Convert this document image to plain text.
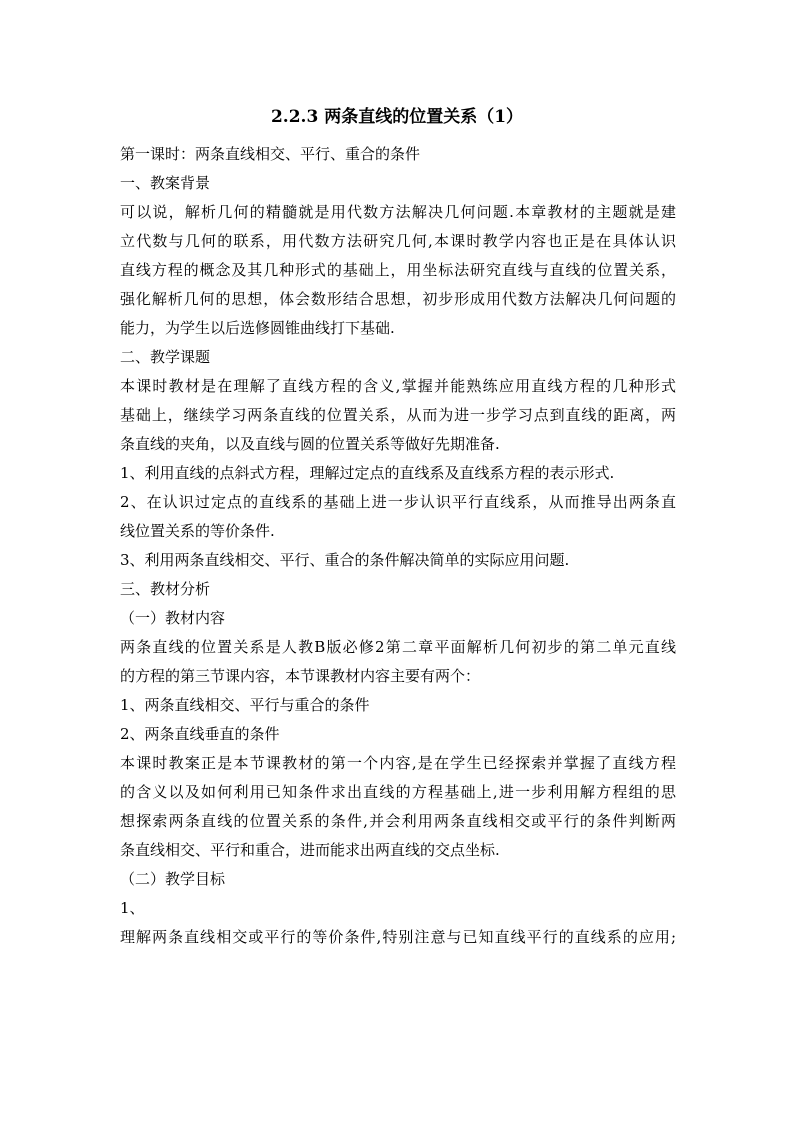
2.2.3 两条直线的位置关系（1）
第一课时：两条直线相交、平行、重合的条件
一、教案背景
可以说，解析几何的精髓就是用代数方法解决几何问题.本章教材的主题就是建
立代数与几何的联系，用代数方法研究几何,本课时教学内容也正是在具体认识
直线方程的概念及其几种形式的基础上，用坐标法研究直线与直线的位置关系，
强化解析几何的思想，体会数形结合思想，初步形成用代数方法解决几何问题的
能力，为学生以后选修圆锥曲线打下基础.
二、教学课题
本课时教材是在理解了直线方程的含义,掌握并能熟练应用直线方程的几种形式
基础上，继续学习两条直线的位置关系，从而为进一步学习点到直线的距离，两
条直线的夹角，以及直线与圆的位置关系等做好先期准备.
1、利用直线的点斜式方程，理解过定点的直线系及直线系方程的表示形式.
2、在认识过定点的直线系的基础上进一步认识平行直线系，从而推导出两条直
线位置关系的等价条件.
3、利用两条直线相交、平行、重合的条件解决简单的实际应用问题.
三、教材分析
（一）教材内容
两条直线的位置关系是人教B版必修2第二章平面解析几何初步的第二单元直线
的方程的第三节课内容，本节课教材内容主要有两个：
1、两条直线相交、平行与重合的条件
2、两条直线垂直的条件
本课时教案正是本节课教材的第一个内容,是在学生已经探索并掌握了直线方程
的含义以及如何利用已知条件求出直线的方程基础上,进一步利用解方程组的思
想探索两条直线的位置关系的条件,并会利用两条直线相交或平行的条件判断两
条直线相交、平行和重合，进而能求出两直线的交点坐标.
（二）教学目标
1、
理解两条直线相交或平行的等价条件,特别注意与已知直线平行的直线系的应用;
